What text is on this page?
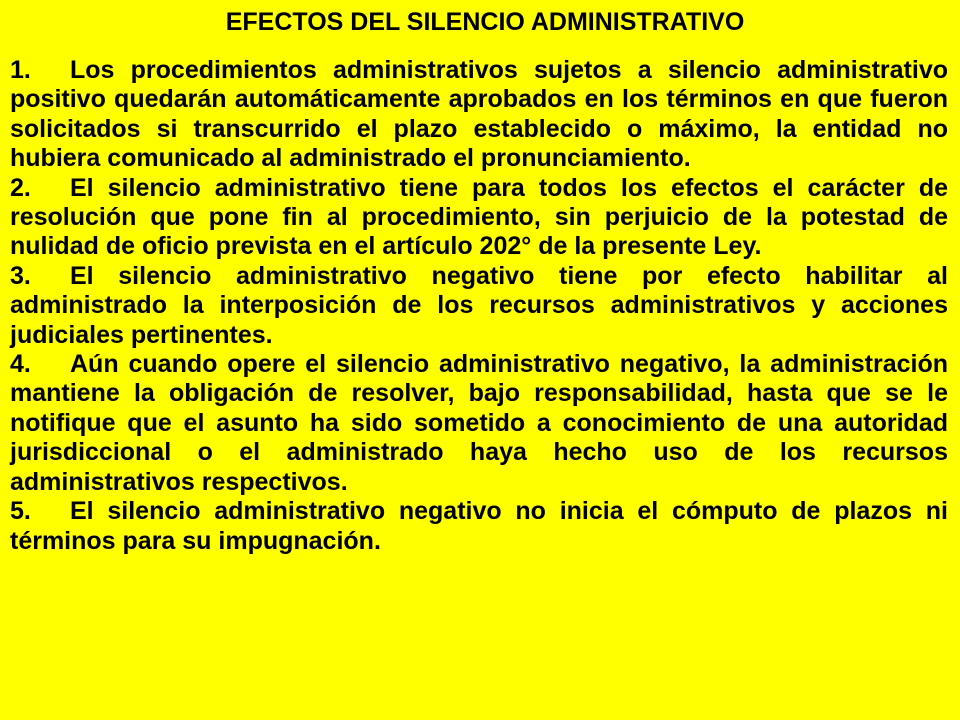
EFECTOS DEL SILENCIO ADMINISTRATIVO

1. Los procedimientos administrativos sujetos a silencio administrativo positivo quedarán automáticamente aprobados en los términos en que fueron solicitados si transcurrido el plazo establecido o máximo, la entidad no hubiera comunicado al administrado el pronunciamiento.

2. El silencio administrativo tiene para todos los efectos el carácter de resolución que pone fin al procedimiento, sin perjuicio de la potestad de nulidad de oficio prevista en el artículo 202° de la presente Ley.

3. El silencio administrativo negativo tiene por efecto habilitar al administrado la interposición de los recursos administrativos y acciones judiciales pertinentes.

4. Aún cuando opere el silencio administrativo negativo, la administración mantiene la obligación de resolver, bajo responsabilidad, hasta que se le notifique que el asunto ha sido sometido a conocimiento de una autoridad jurisdiccional o el administrado haya hecho uso de los recursos administrativos respectivos.

5. El silencio administrativo negativo no inicia el cómputo de plazos ni términos para su impugnación.
